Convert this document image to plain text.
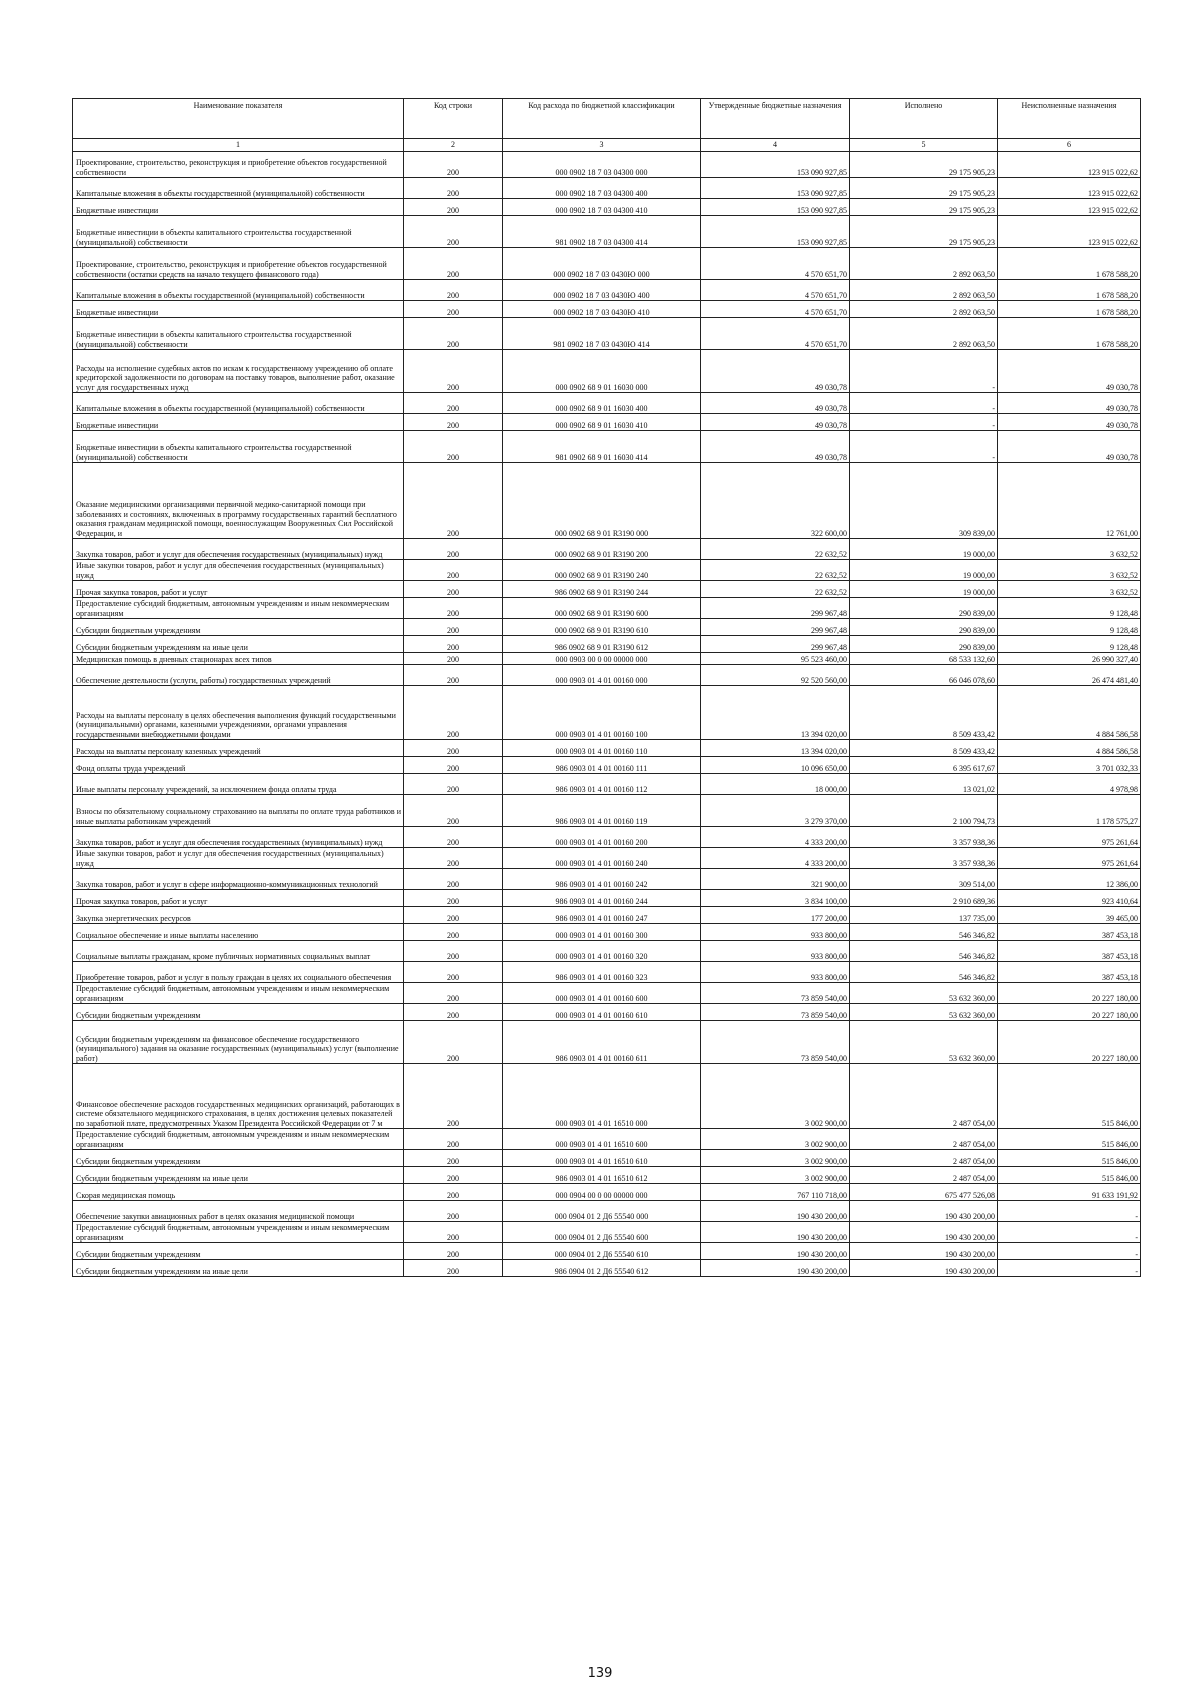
Наименование показателя	Код строки	Код расхода по бюджетной классификации	Утвержденные бюджетные назначения	Исполнено	Неисполненные назначения
1	2	3	4	5	6
Проектирование, строительство, реконструкция и приобретение объектов государственной собственности	200	000 0902 18 7 03 04300 000	153 090 927,85	29 175 905,23	123 915 022,62
Капитальные вложения в объекты государственной (муниципальной) собственности	200	000 0902 18 7 03 04300 400	153 090 927,85	29 175 905,23	123 915 022,62
Бюджетные инвестиции	200	000 0902 18 7 03 04300 410	153 090 927,85	29 175 905,23	123 915 022,62
Бюджетные инвестиции в объекты капитального строительства государственной (муниципальной) собственности	200	981 0902 18 7 03 04300 414	153 090 927,85	29 175 905,23	123 915 022,62
Проектирование, строительство, реконструкция и приобретение объектов государственной собственности (остатки средств на начало текущего финансового года)	200	000 0902 18 7 03 0430Ю 000	4 570 651,70	2 892 063,50	1 678 588,20
Капитальные вложения в объекты государственной (муниципальной) собственности	200	000 0902 18 7 03 0430Ю 400	4 570 651,70	2 892 063,50	1 678 588,20
Бюджетные инвестиции	200	000 0902 18 7 03 0430Ю 410	4 570 651,70	2 892 063,50	1 678 588,20
Бюджетные инвестиции в объекты капитального строительства государственной (муниципальной) собственности	200	981 0902 18 7 03 0430Ю 414	4 570 651,70	2 892 063,50	1 678 588,20
Расходы на исполнение судебных актов по искам к государственному учреждению об оплате кредиторской задолженности по договорам на поставку товаров, выполнение работ, оказание услуг для государственных нужд	200	000 0902 68 9 01 16030 000	49 030,78	-	49 030,78
Капитальные вложения в объекты государственной (муниципальной) собственности	200	000 0902 68 9 01 16030 400	49 030,78	-	49 030,78
Бюджетные инвестиции	200	000 0902 68 9 01 16030 410	49 030,78	-	49 030,78
Бюджетные инвестиции в объекты капитального строительства государственной (муниципальной) собственности	200	981 0902 68 9 01 16030 414	49 030,78	-	49 030,78
Оказание медицинскими организациями первичной медико-санитарной помощи при заболеваниях и состояниях, включенных в программу государственных гарантий бесплатного оказания гражданам медицинской помощи, военнослужащим Вооруженных Сил Российской Федерации, и	200	000 0902 68 9 01 R3190 000	322 600,00	309 839,00	12 761,00
Закупка товаров, работ и услуг для обеспечения государственных (муниципальных) нужд	200	000 0902 68 9 01 R3190 200	22 632,52	19 000,00	3 632,52
Иные закупки товаров, работ и услуг для обеспечения государственных (муниципальных) нужд	200	000 0902 68 9 01 R3190 240	22 632,52	19 000,00	3 632,52
Прочая закупка товаров, работ и услуг	200	986 0902 68 9 01 R3190 244	22 632,52	19 000,00	3 632,52
Предоставление субсидий бюджетным, автономным учреждениям и иным некоммерческим организациям	200	000 0902 68 9 01 R3190 600	299 967,48	290 839,00	9 128,48
Субсидии бюджетным учреждениям	200	000 0902 68 9 01 R3190 610	299 967,48	290 839,00	9 128,48
Субсидии бюджетным учреждениям на иные цели	200	986 0902 68 9 01 R3190 612	299 967,48	290 839,00	9 128,48
Медицинская помощь в дневных стационарах всех типов	200	000 0903 00 0 00 00000 000	95 523 460,00	68 533 132,60	26 990 327,40
Обеспечение деятельности (услуги, работы) государственных учреждений	200	000 0903 01 4 01 00160 000	92 520 560,00	66 046 078,60	26 474 481,40
Расходы на выплаты персоналу в целях обеспечения выполнения функций государственными (муниципальными) органами, казенными учреждениями, органами управления государственными внебюджетными фондами	200	000 0903 01 4 01 00160 100	13 394 020,00	8 509 433,42	4 884 586,58
Расходы на выплаты персоналу казенных учреждений	200	000 0903 01 4 01 00160 110	13 394 020,00	8 509 433,42	4 884 586,58
Фонд оплаты труда учреждений	200	986 0903 01 4 01 00160 111	10 096 650,00	6 395 617,67	3 701 032,33
Иные выплаты персоналу учреждений, за исключением фонда оплаты труда	200	986 0903 01 4 01 00160 112	18 000,00	13 021,02	4 978,98
Взносы по обязательному социальному страхованию на выплаты по оплате труда работников и иные выплаты работникам учреждений	200	986 0903 01 4 01 00160 119	3 279 370,00	2 100 794,73	1 178 575,27
Закупка товаров, работ и услуг для обеспечения государственных (муниципальных) нужд	200	000 0903 01 4 01 00160 200	4 333 200,00	3 357 938,36	975 261,64
Иные закупки товаров, работ и услуг для обеспечения государственных (муниципальных) нужд	200	000 0903 01 4 01 00160 240	4 333 200,00	3 357 938,36	975 261,64
Закупка товаров, работ и услуг в сфере информационно-коммуникационных технологий	200	986 0903 01 4 01 00160 242	321 900,00	309 514,00	12 386,00
Прочая закупка товаров, работ и услуг	200	986 0903 01 4 01 00160 244	3 834 100,00	2 910 689,36	923 410,64
Закупка энергетических ресурсов	200	986 0903 01 4 01 00160 247	177 200,00	137 735,00	39 465,00
Социальное обеспечение и иные выплаты населению	200	000 0903 01 4 01 00160 300	933 800,00	546 346,82	387 453,18
Социальные выплаты гражданам, кроме публичных нормативных социальных выплат	200	000 0903 01 4 01 00160 320	933 800,00	546 346,82	387 453,18
Приобретение товаров, работ и услуг в пользу граждан в целях их социального обеспечения	200	986 0903 01 4 01 00160 323	933 800,00	546 346,82	387 453,18
Предоставление субсидий бюджетным, автономным учреждениям и иным некоммерческим организациям	200	000 0903 01 4 01 00160 600	73 859 540,00	53 632 360,00	20 227 180,00
Субсидии бюджетным учреждениям	200	000 0903 01 4 01 00160 610	73 859 540,00	53 632 360,00	20 227 180,00
Субсидии бюджетным учреждениям на финансовое обеспечение государственного (муниципального) задания на оказание государственных (муниципальных) услуг (выполнение работ)	200	986 0903 01 4 01 00160 611	73 859 540,00	53 632 360,00	20 227 180,00
Финансовое обеспечение расходов государственных медицинских организаций, работающих в системе обязательного медицинского страхования, в целях достижения целевых показателей по заработной плате, предусмотренных Указом Президента Российской Федерации от 7 м	200	000 0903 01 4 01 16510 000	3 002 900,00	2 487 054,00	515 846,00
Предоставление субсидий бюджетным, автономным учреждениям и иным некоммерческим организациям	200	000 0903 01 4 01 16510 600	3 002 900,00	2 487 054,00	515 846,00
Субсидии бюджетным учреждениям	200	000 0903 01 4 01 16510 610	3 002 900,00	2 487 054,00	515 846,00
Субсидии бюджетным учреждениям на иные цели	200	986 0903 01 4 01 16510 612	3 002 900,00	2 487 054,00	515 846,00
Скорая медицинская помощь	200	000 0904 00 0 00 00000 000	767 110 718,00	675 477 526,08	91 633 191,92
Обеспечение закупки авиационных работ в целях оказания медицинской помощи	200	000 0904 01 2 Д6 55540 000	190 430 200,00	190 430 200,00	-
Предоставление субсидий бюджетным, автономным учреждениям и иным некоммерческим организациям	200	000 0904 01 2 Д6 55540 600	190 430 200,00	190 430 200,00	-
Субсидии бюджетным учреждениям	200	000 0904 01 2 Д6 55540 610	190 430 200,00	190 430 200,00	-
Субсидии бюджетным учреждениям на иные цели	200	986 0904 01 2 Д6 55540 612	190 430 200,00	190 430 200,00	-
139
